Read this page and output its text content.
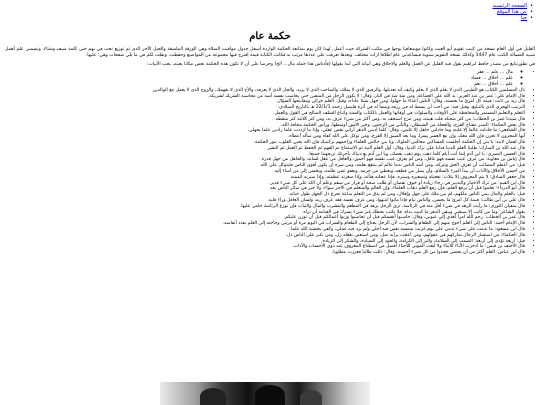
• الصفحة الرئيسية
• عن هذا الموقع
• جيا
حكمة عام

القليل في أول العام نسخة من كتيب تقويم أبو الغيث وكانوا موضعاقيا بوحها في مكتب الشركة حيث أعمل، لهذا كان يوم بمتابعة الحكمة الواردة أسفل جدول مواقيت الصلاة وهي الورقة الملصقة والحيل الآخر الذي تم توزيع تحت في بهم حتى كلمة صيف وشتاء، وتضمنى علم أهمل شبيه المسالة الكتب عام 1447 وكذلك نسخة التقويم سنوية فيساعدتي عام اطلاقا ازات مختلف. وبعدها تعرفت على عددها مرتب به فكانت الكتابة قيمة اقترح فيها مجموعة من المواضيع وحفظت، ونقلت لكم في ما يلي صفحات وهي: عليها.

في تطورتنابع من مصدر حافظ ابراهيم يقول فيه القليل عن العمل والعلم والاخلاق وهي أبياته التي أبدا بقولها (فأدناس هذا حمله مال... الخ) وحرصا على أن لا تكون هذه الحكمة تخص مكانا بعينه، يجب الأبيات:

◦ • مال ... علم ... فقر
◦ علم ... أخلاق ... فساد
◦ علم ... أخلاق ... نعم
• نال المسلمين الكتاب هو الطيبين الذي لا يعلم الذي لا يعلم وكيف أنه تعديلها، والرفيق الذي لا يملك، والصاحب الذي لا يريد، والجار الذي لا يعرفه، والأخ الذي لا يفهمك، والزوج الذي لا يعمل مع الوالدين.
• قال الإمام علي: عمر بن عبد العزيز: يد الله على الجماعة، ومن شذ شذ في النار، وقال: لا يكون الرجل من المتقين حتى يحاسب نفسه أشد من محاسبة الشريك لشريكه.
• قال زيد بن ثابت: قيمة كل امرئ ما يحسنه، وقال: الناس أعداء ما جهلوا، ومن جهل شيئا عاداه، وقيل: العلم خزائن ومفاتيحها السؤال.
• الترتيب الهجري الذي بالتبليغ، وقيل فيه: من أحب أن يبسط له في رزقه وينسأ له في أثره فليصل رحمه 22/1/1 هـ بالتاريخ الميلادي.
• التعلم والتعليم المستمر والمحافظة على الأوقات والصلوات في أوقاتها والعمل بالكتاب والسنة واتباع السلف الصالح في القول والعمل.
• قال سيدنا عمر بن الخطاب: من كثر ضحكه قلت هيبته، ومن مزح استخف به، ومن أكثر من شيء عرف به، ومن كثر كلامه كثر سقطه.
• قال بعض الحكماء: الصبر مفتاح الفرج، والعجلة من الشيطان، والتأني من الرحمن، وخير الأمور أوسطها، ورأس الحكمة مخافة الله.
• قال الشافعي: ما جادلت عالما إلا غلبته وما جادلني جاهل إلا غلبني، وقال: كلما أدبني الدهر أراني نقص عقلي، وإذا ما ازددت علما زادني علما بجهلي.
• أيها المحزون لا تحزن فإن الله معك، وإن مع العسر يسرا، وما بعد الضيق إلا الفرج، ومن توكل على الله كفاه ومن سأله أعطاه.
• قال لقمان لابنه: يا بني إن الحكمة أجلست المساكين مجالس الملوك، ويا بني جالس العلماء وزاحمهم بركبتيك فإن الله يحيي القلوب بنور الحكمة.
• قال عبد الله بن المبارك: طلبنا العلم للدنيا فدلنا على ترك الدنيا، وقال: أول العلم النية ثم الاستماع ثم الفهم ثم الحفظ ثم العمل ثم النشر.
• قال الحسن البصري: يا ابن آدم إنما أنت أيام كلما ذهب يوم ذهب بعضك، ويا ابن آدم بع دنياك بآخرتك تربحهما جميعا.
• قال إياس بن معاوية: من عرف عيب نفسه فهو عاقل، ومن لم يعرف عيب نفسه فهو أحمق، والعاقل من عقل لسانه، والجاهل من جهل قدره.
• قيل: من أعظم المصائب أن تعرف الحق وتتركه، ومن أشد الناس ندما عالم لم ينتفع بعلمه، ومن سره أن يكون أقوى الناس فليتوكل على الله.
• من أحسن الأخلاق والآداب أن يبدأ المرء بالسلام، وأن يصل من قطعه، ويعطي من حرمه، ويعفو عمن ظلمه، ويحسن إلى من أساء إليه.
• قال جعفر الصادق: لا يتم المعروف إلا بثلاث: تعجيله وتصغيره وستره، فإذا عجلته هنأته، وإذا صغرته عظمته، وإذا سترته أتممته.
• قال ابن القيم: من ترك الاختيار والتدبير في رجاء زيادة أو خوف نقصان أو طلب صحة أو فرار من سقم وعلم أن الله على كل شيء قدير.
• قال أبو الدرداء: تعلموا قبل أن يرفع العلم، فإن رفع العلم ذهاب العلماء، وإن العالم والمتعلم في الأجر سواء، ولا خير في سائر الناس بعد.
• قيل: بالعلم والمال يبني الناس ملكهم، لم يبن ملك على جهل وإقلال، ومن لم يذق مر التعلم ساعة تجرع ذل الجهل طول حياته.
• قال علي بن أبي طالب: قيمة كل امرئ ما يحسن، والناس نيام فإذا ماتوا انتبهوا، ومن عرف نفسه فقد عرف ربه، ولسان العاقل وراء قلبه.
• قال سفيان الثوري: ما رأيت الزهد في شيء أقل منه في الرئاسة، ترى الرجل يزهد في المطعم والمشرب والمال والثياب فإن نوزع الرئاسة حامى عليها.
• يقول الشاعر: وما من كاتب إلا سيفنى ويبقي الدهر ما كتبت يداه، فلا تكتب بخطك غير شيء يسرك في القيامة أن تراه.
• قال عمر بن الخطاب: رحم الله امرأ أهدى إلي عيوبي، وقال: حاسبوا أنفسكم قبل أن تحاسبوا وزنوا أعمالكم قبل أن توزن عليكم.
• قال الإمام أحمد: الناس إلى العلم أحوج منهم إلى الطعام والشراب، لأن الرجل يحتاج إلى الطعام والشراب في اليوم مرة أو مرتين وحاجته إلى العلم بعدد أنفاسه.
• قال ابن مسعود: ما ندمت على شيء ندمي على يوم غربت شمسه نقص فيه أجلي ولم يزد فيه عملي، وكفى بخشية الله علما.
• قال الحكماء: من استشار الرجال شاركهم في عقولهم، ومن أعجب برأيه ضل، ومن استغنى بعقله زل، ومن تكبر على الناس ذل.
• قيل: أربعة تؤدي إلى أربعة: الصمت إلى السلامة، والبر إلى الكرامة، والجود إلى السيادة، والشكر إلى الزيادة.
• قال الأحنف بن قيس: ما ادخرت الآباء للأبناء ولا أبقت الموتى للأحياء أفضل من اصطناع المعروف عند ذوي الأحساب والآداب.
• قال ابن عباس: العلم أكثر من أن يحصى فخذوا من كل شيء أحسنه، وقال: ذللت طالبا فعززت مطلوبا.
